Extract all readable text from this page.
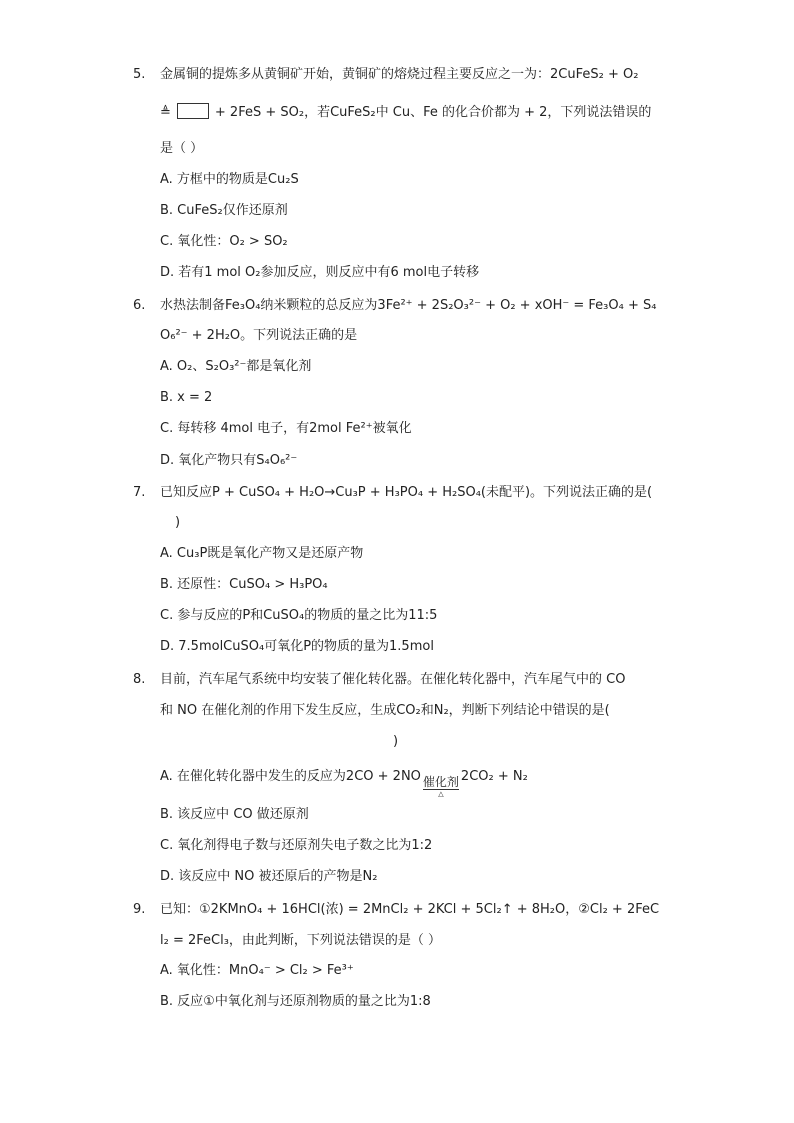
5. 金属铜的提炼多从黄铜矿开始，黄铜矿的熔烧过程主要反应之一为：2CuFeS₂ + O₂
≜	+ 2FeS + SO₂，若CuFeS₂中 Cu、Fe 的化合价都为 + 2，下列说法错误的
是（ ）
A. 方框中的物质是Cu₂S
B. CuFeS₂仅作还原剂
C. 氧化性：O₂ > SO₂
D. 若有1 mol O₂参加反应，则反应中有6 mol电子转移
6. 水热法制备Fe₃O₄纳米颗粒的总反应为3Fe²⁺ + 2S₂O₃²⁻ + O₂ + xOH⁻ = Fe₃O₄ + S₄
O₆²⁻ + 2H₂O。下列说法正确的是
A. O₂、S₂O₃²⁻都是氧化剂
B. x = 2
C. 每转移 4mol 电子，有2mol Fe²⁺被氧化
D. 氧化产物只有S₄O₆²⁻
7. 已知反应P + CuSO₄ + H₂O→Cu₃P + H₃PO₄ + H₂SO₄(未配平)。下列说法正确的是(
)
A. Cu₃P既是氧化产物又是还原产物
B. 还原性：CuSO₄ > H₃PO₄
C. 参与反应的P和CuSO₄的物质的量之比为11:5
D. 7.5molCuSO₄可氧化P的物质的量为1.5mol
8. 目前，汽车尾气系统中均安装了催化转化器。在催化转化器中，汽车尾气中的 CO
和 NO 在催化剂的作用下发生反应，生成CO₂和N₂，判断下列结论中错误的是(
)
A. 在催化转化器中发生的反应为2CO + 2NO 催化剂
△
2CO₂ + N₂
B. 该反应中 CO 做还原剂
C. 氧化剂得电子数与还原剂失电子数之比为1:2
D. 该反应中 NO 被还原后的产物是N₂
9. 已知：①2KMnO₄ + 16HCl(浓) = 2MnCl₂ + 2KCl + 5Cl₂↑ + 8H₂O，②Cl₂ + 2FeC
l₂ = 2FeCl₃，由此判断，下列说法错误的是（ ）
A. 氧化性：MnO₄⁻ > Cl₂ > Fe³⁺
B. 反应①中氧化剂与还原剂物质的量之比为1:8
